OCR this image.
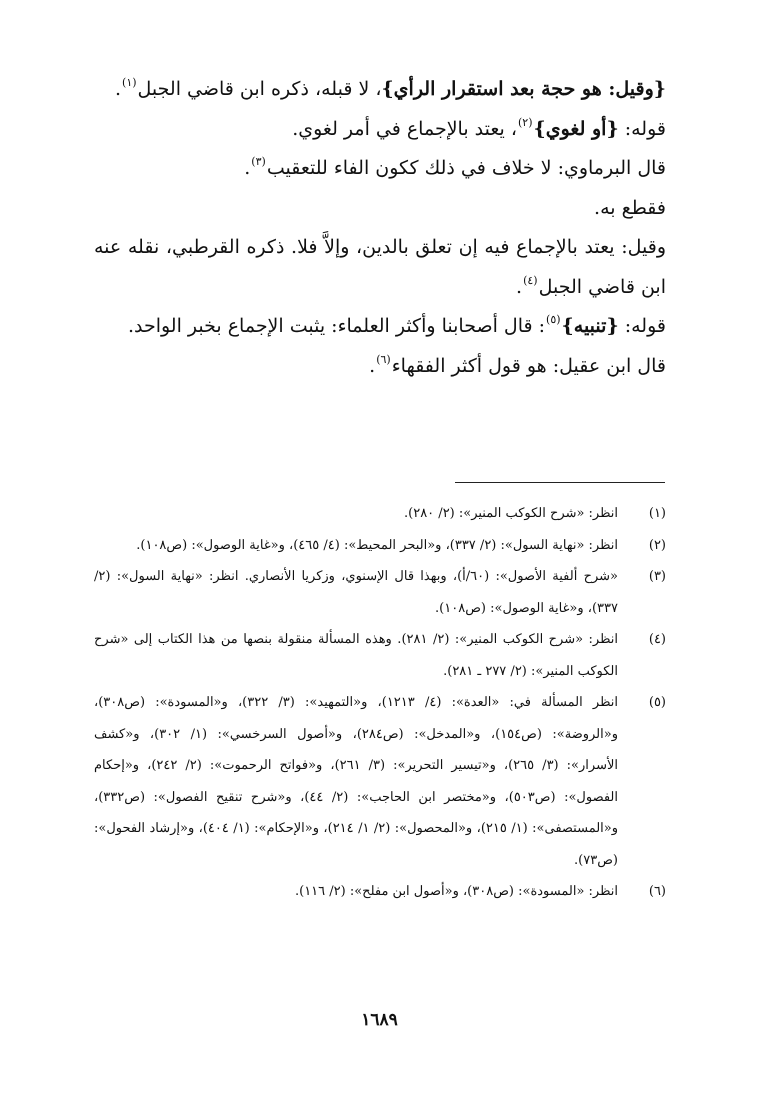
{وقيل: هو حجة بعد استقرار الرأي}، لا قبله، ذكره ابن قاضي الجبل$^{(١)}$.

قوله: {أو لغوي}$^{(٢)}$، يعتد بالإجماع في أمر لغوي.

قال البرماوي: لا خلاف في ذلك ككون الفاء للتعقيب$^{(٣)}$.

فقطع به.

وقيل: يعتد بالإجماع فيه إن تعلق بالدين، وإلاَّ فلا. ذكره القرطبي، نقله عنه ابن قاضي الجبل$^{(٤)}$.

قوله: {تنبيه}$^{(٥)}$: قال أصحابنا وأكثر العلماء: يثبت الإجماع بخبر الواحد.

قال ابن عقيل: هو قول أكثر الفقهاء$^{(٦)}$.

(١)
انظر: «شرح الكوكب المنير»: (٢/ ٢٨٠).
(٢)
انظر: «نهاية السول»: (٢/ ٣٣٧)، و«البحر المحيط»: (٤/ ٤٦٥)، و«غاية الوصول»: (ص١٠٨).
(٣)
«شرح ألفية الأصول»: (٦٠/أ)، وبهذا قال الإسنوي، وزكريا الأنصاري. انظر: «نهاية السول»: (٢/ ٣٣٧)، و«غاية الوصول»: (ص١٠٨).
(٤)
انظر: «شرح الكوكب المنير»: (٢/ ٢٨١). وهذه المسألة منقولة بنصها من هذا الكتاب إلى «شرح الكوكب المنير»: (٢/ ٢٧٧ ـ ٢٨١).
(٥)
انظر المسألة في: «العدة»: (٤/ ١٢١٣)، و«التمهيد»: (٣/ ٣٢٢)، و«المسودة»: (ص٣٠٨)، و«الروضة»: (ص١٥٤)، و«المدخل»: (ص٢٨٤)، و«أصول السرخسي»: (١/ ٣٠٢)، و«كشف الأسرار»: (٣/ ٢٦٥)، و«تيسير التحرير»: (٣/ ٢٦١)، و«فواتح الرحموت»: (٢/ ٢٤٢)، و«إحكام الفصول»: (ص٥٠٣)، و«مختصر ابن الحاجب»: (٢/ ٤٤)، و«شرح تنقيح الفصول»: (ص٣٣٢)، و«المستصفى»: (١/ ٢١٥)، و«المحصول»: (٢/ ١/ ٢١٤)، و«الإحكام»: (١/ ٤٠٤)، و«إرشاد الفحول»: (ص٧٣).
(٦)
انظر: «المسودة»: (ص٣٠٨)، و«أصول ابن مفلح»: (٢/ ١١٦).
١٦٨٩
